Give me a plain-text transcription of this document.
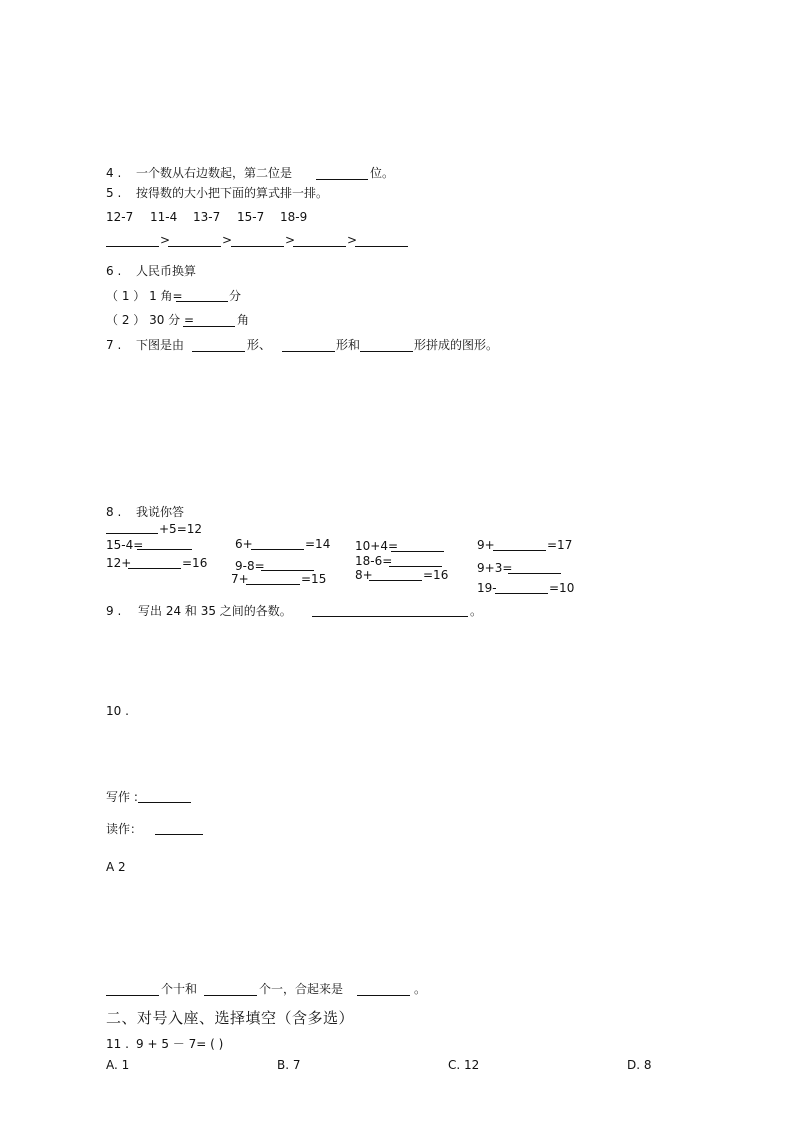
4 . 一个数从右边数起，第二位是	位。
5 . 按得数的大小把下面的算式排一排。
12-7 11-4 13-7 15-7 18-9
>	>	>	>
6 . 人民币换算
（ 1 ） 1 角=	分
（ 2 ） 30 分 =	角
7 . 下图是由	形、	形和	形拼成的图形。
8 . 我说你答
+5=12
15-4=
12+	=16
6+	=14
9-8=
7+	=15
10+4=
18-6=
8+	=16
9+	=17
9+3=
19-	=10
9 . 写出 24 和 35 之间的各数。	。
10 .
写作 :
读作：
A 2
个十和	个一，合起来是	。
二、对号入座、选择填空（含多选）
11 . 9 + 5 － 7= ( )
A. 1	B. 7	C. 12	D. 8
